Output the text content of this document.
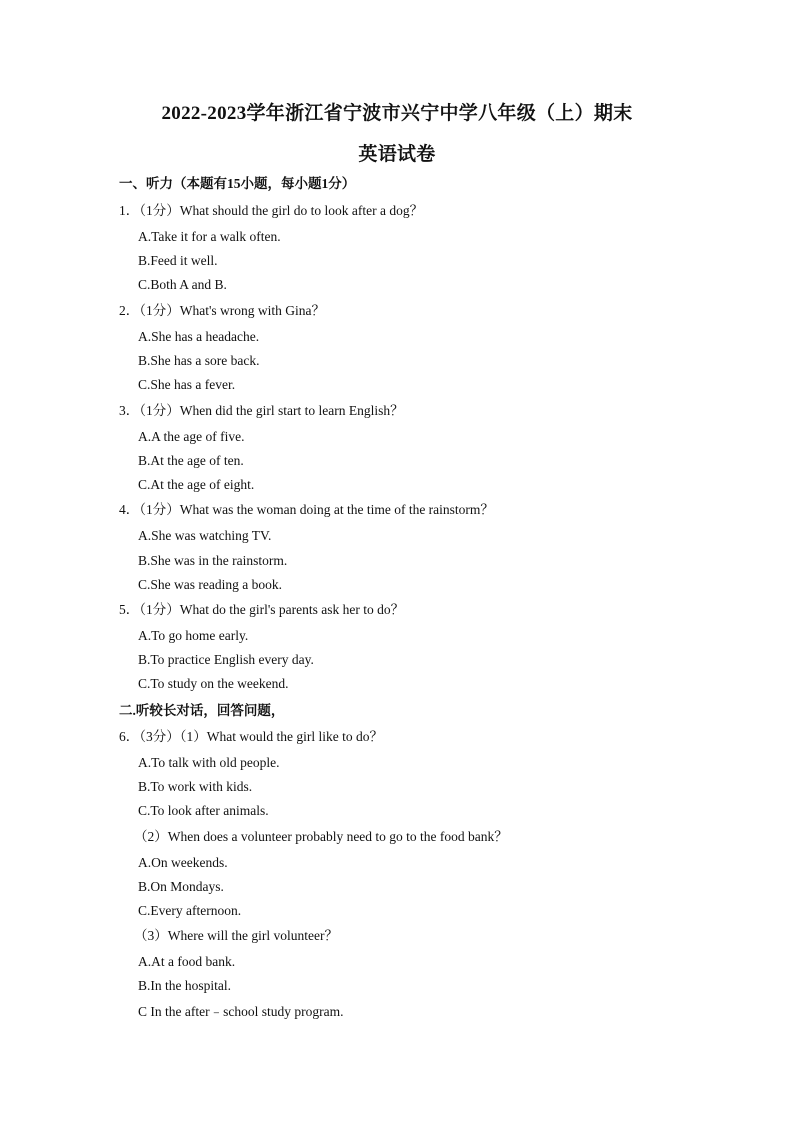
2022-2023学年浙江省宁波市兴宁中学八年级（上）期末
英语试卷
一、听力（本题有15小题，每小题1分）
1．（1分）What should the girl do to look after a dog？
A.Take it for a walk often.
B.Feed it well.
C.Both A and B.
2．（1分）What's wrong with Gina？
A.She has a headache.
B.She has a sore back.
C.She has a fever.
3．（1分）When did the girl start to learn English？
A.A the age of five.
B.At the age of ten.
C.At the age of eight.
4．（1分）What was the woman doing at the time of the rainstorm？
A.She was watching TV.
B.She was in the rainstorm.
C.She was reading a book.
5．（1分）What do the girl's parents ask her to do？
A.To go home early.
B.To practice English every day.
C.To study on the weekend.
二.听较长对话，回答问题，
6．（3分）（1）What would the girl like to do？
A.To talk with old people.
B.To work with kids.
C.To look after animals.
（2）When does a volunteer probably need to go to the food bank？
A.On weekends.
B.On Mondays.
C.Every afternoon.
（3）Where will the girl volunteer？
A.At a food bank.
B.In the hospital.
C In the after﹣school study program.
